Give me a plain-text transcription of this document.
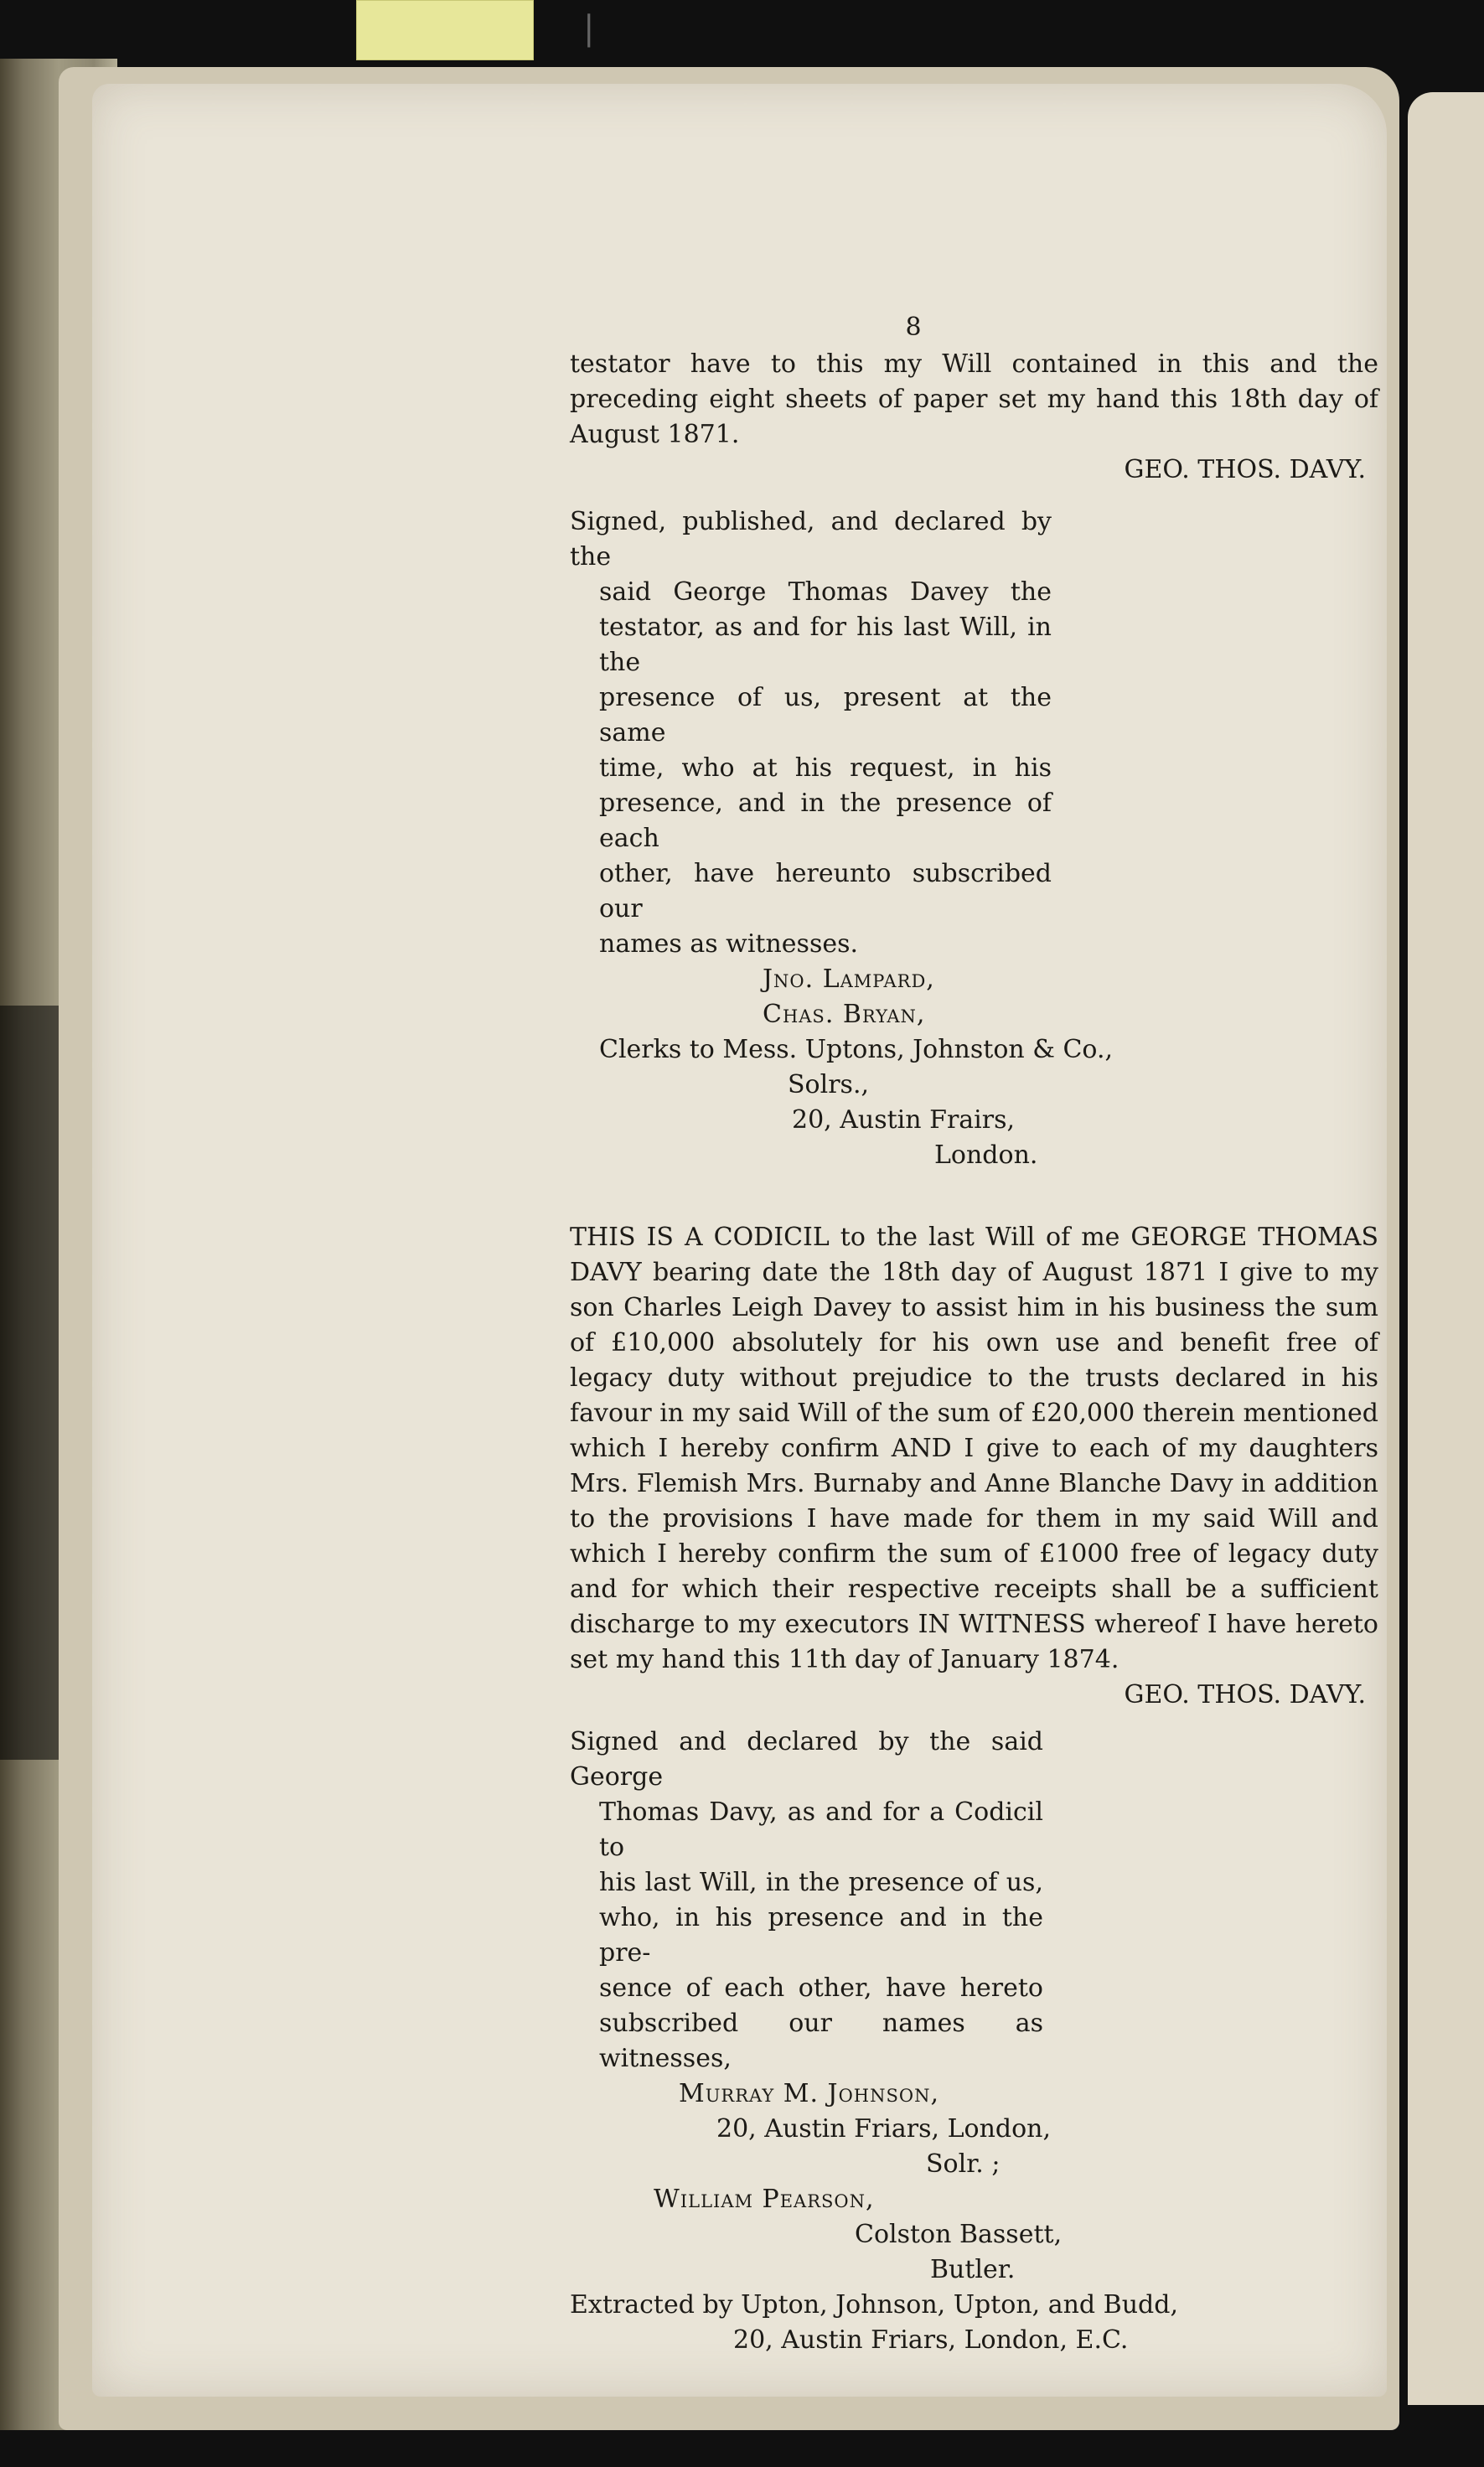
|
8
testator have to this my Will contained in this and the preceding eight sheets of paper set my hand this 18th day of August 1871.
GEO. THOS. DAVY.
Signed, published, and declared by the
said George Thomas Davey the
testator, as and for his last Will, in the
presence of us, present at the same
time, who at his request, in his
presence, and in the presence of each
other, have hereunto subscribed our
names as witnesses.
Jno. Lampard,
Chas. Bryan,
Clerks to Mess. Uptons, Johnston & Co.,
Solrs.,
20, Austin Frairs,
London.
THIS IS A CODICIL to the last Will of me GEORGE THOMAS DAVY bearing date the 18th day of August 1871 I give to my son Charles Leigh Davey to assist him in his business the sum of £10,000 absolutely for his own use and benefit free of legacy duty without prejudice to the trusts declared in his favour in my said Will of the sum of £20,000 therein mentioned which I hereby confirm AND I give to each of my daughters Mrs. Flemish Mrs. Burnaby and Anne Blanche Davy in addition to the provisions I have made for them in my said Will and which I hereby confirm the sum of £1000 free of legacy duty and for which their respective receipts shall be a sufficient discharge to my executors IN WITNESS whereof I have hereto set my hand this 11th day of January 1874.
GEO. THOS. DAVY.
Signed and declared by the said George
Thomas Davy, as and for a Codicil to
his last Will, in the presence of us,
who, in his presence and in the pre-
sence of each other, have hereto
subscribed our names as witnesses,
Murray M. Johnson,
20, Austin Friars, London,
Solr. ;
William Pearson,
Colston Bassett,
Butler.
Extracted by Upton, Johnson, Upton, and Budd,
20, Austin Friars, London, E.C.
